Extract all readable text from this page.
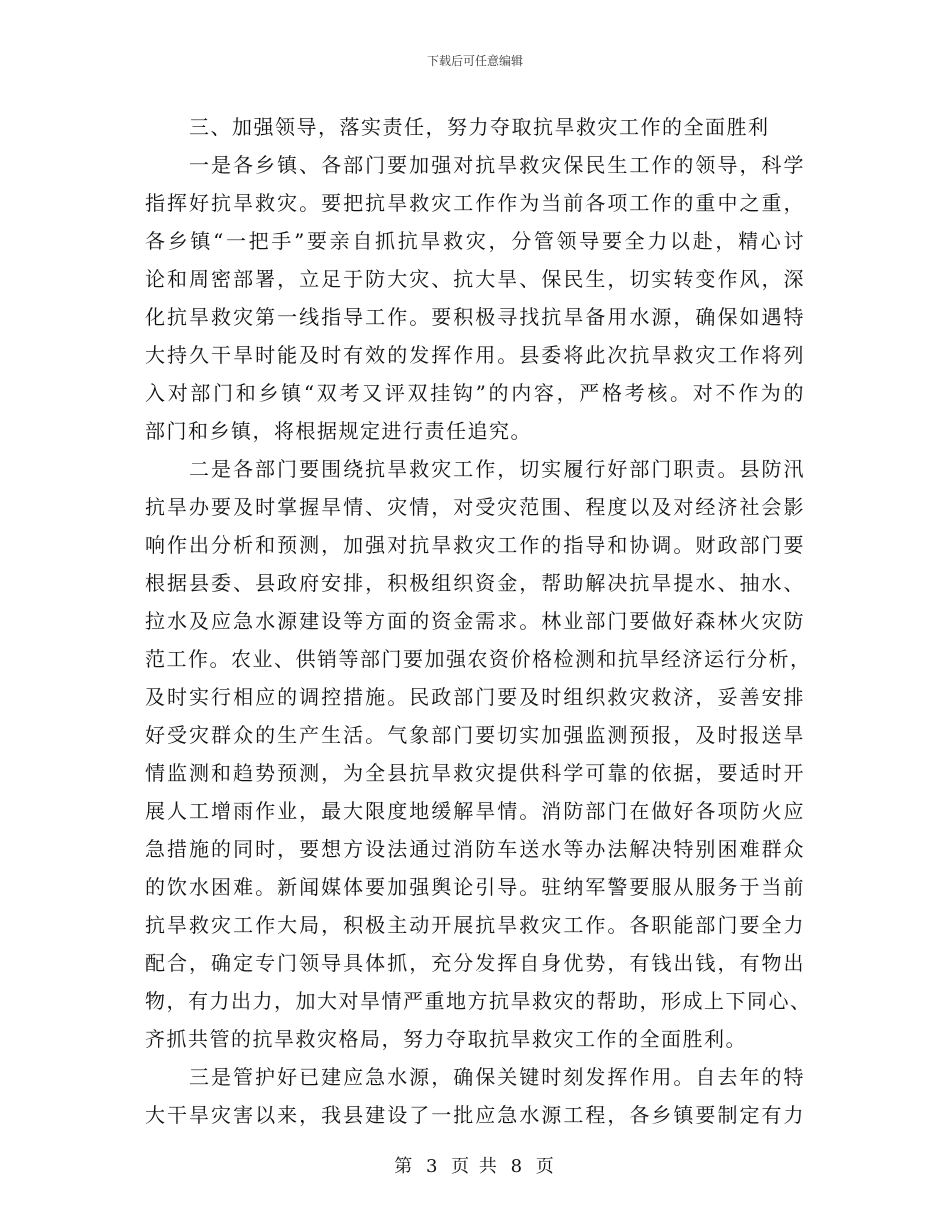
下载后可任意编辑
三、加强领导，落实责任，努力夺取抗旱救灾工作的全面胜利

一是各乡镇、各部门要加强对抗旱救灾保民生工作的领导，科学
指挥好抗旱救灾。要把抗旱救灾工作作为当前各项工作的重中之重，
各乡镇“一把手”要亲自抓抗旱救灾，分管领导要全力以赴，精心讨
论和周密部署，立足于防大灾、抗大旱、保民生，切实转变作风，深
化抗旱救灾第一线指导工作。要积极寻找抗旱备用水源，确保如遇特
大持久干旱时能及时有效的发挥作用。县委将此次抗旱救灾工作将列
入对部门和乡镇“双考又评双挂钩”的内容，严格考核。对不作为的
部门和乡镇，将根据规定进行责任追究。

二是各部门要围绕抗旱救灾工作，切实履行好部门职责。县防汛
抗旱办要及时掌握旱情、灾情，对受灾范围、程度以及对经济社会影
响作出分析和预测，加强对抗旱救灾工作的指导和协调。财政部门要
根据县委、县政府安排，积极组织资金，帮助解决抗旱提水、抽水、
拉水及应急水源建设等方面的资金需求。林业部门要做好森林火灾防
范工作。农业、供销等部门要加强农资价格检测和抗旱经济运行分析，
及时实行相应的调控措施。民政部门要及时组织救灾救济，妥善安排
好受灾群众的生产生活。气象部门要切实加强监测预报，及时报送旱
情监测和趋势预测，为全县抗旱救灾提供科学可靠的依据，要适时开
展人工增雨作业，最大限度地缓解旱情。消防部门在做好各项防火应
急措施的同时，要想方设法通过消防车送水等办法解决特别困难群众
的饮水困难。新闻媒体要加强舆论引导。驻纳军警要服从服务于当前
抗旱救灾工作大局，积极主动开展抗旱救灾工作。各职能部门要全力
配合，确定专门领导具体抓，充分发挥自身优势，有钱出钱，有物出
物，有力出力，加大对旱情严重地方抗旱救灾的帮助，形成上下同心、
齐抓共管的抗旱救灾格局，努力夺取抗旱救灾工作的全面胜利。

三是管护好已建应急水源，确保关键时刻发挥作用。自去年的特
大干旱灾害以来，我县建设了一批应急水源工程，各乡镇要制定有力

第 3 页 共 8 页
